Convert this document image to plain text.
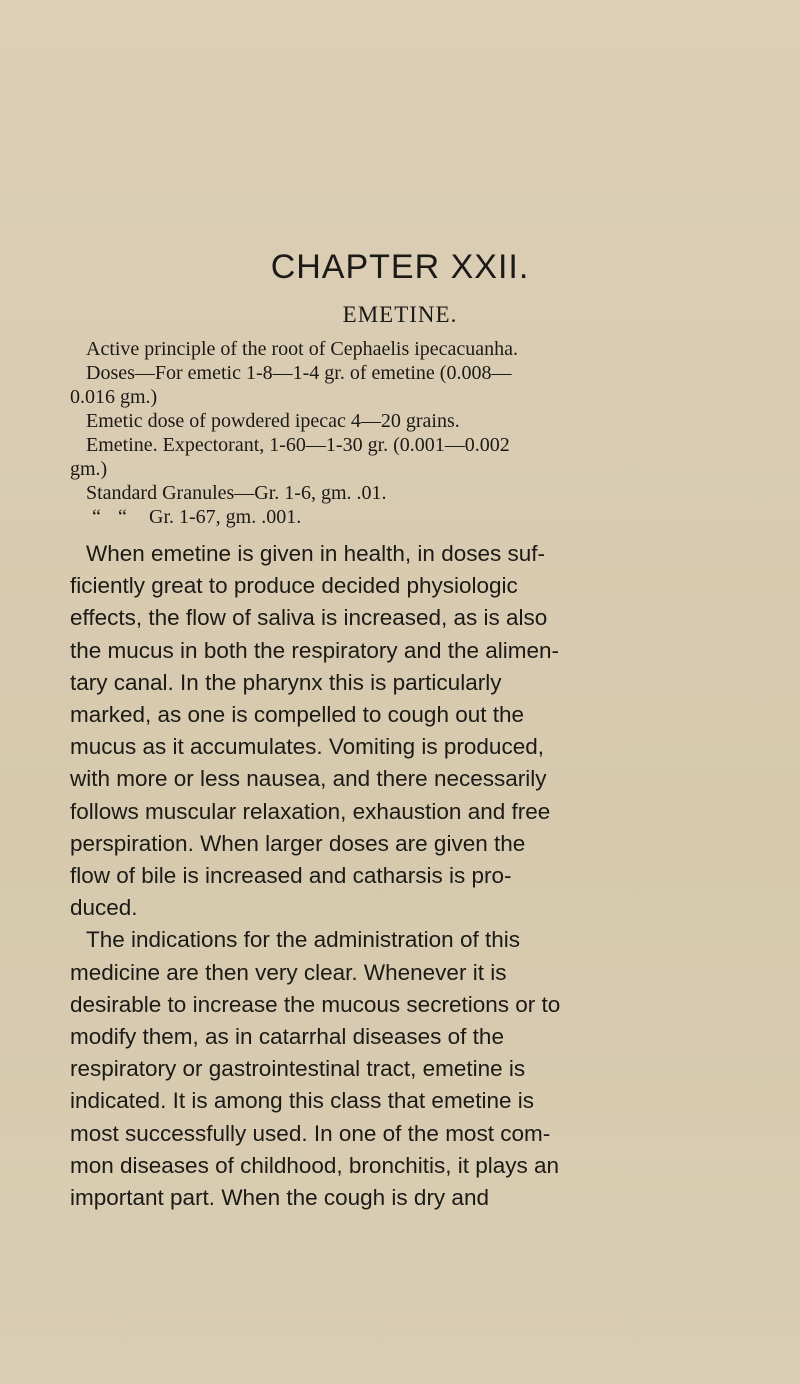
CHAPTER XXII.
EMETINE.
Active principle of the root of Cephaelis ipecacuanha.
Doses—For emetic 1-8—1-4 gr. of emetine (0.008—
0.016 gm.)
Emetic dose of powdered ipecac 4—20 grains.
Emetine. Expectorant, 1-60—1-30 gr. (0.001—0.002
gm.)
Standard Granules—Gr. 1-6, gm. .01.
“ “ Gr. 1-67, gm. .001.
When emetine is given in health, in doses suf-
ficiently great to produce decided physiologic
effects, the flow of saliva is increased, as is also
the mucus in both the respiratory and the alimen-
tary canal. In the pharynx this is particularly
marked, as one is compelled to cough out the
mucus as it accumulates. Vomiting is produced,
with more or less nausea, and there necessarily
follows muscular relaxation, exhaustion and free
perspiration. When larger doses are given the
flow of bile is increased and catharsis is pro-
duced.
The indications for the administration of this
medicine are then very clear. Whenever it is
desirable to increase the mucous secretions or to
modify them, as in catarrhal diseases of the
respiratory or gastrointestinal tract, emetine is
indicated. It is among this class that emetine is
most successfully used. In one of the most com-
mon diseases of childhood, bronchitis, it plays an
important part. When the cough is dry and
